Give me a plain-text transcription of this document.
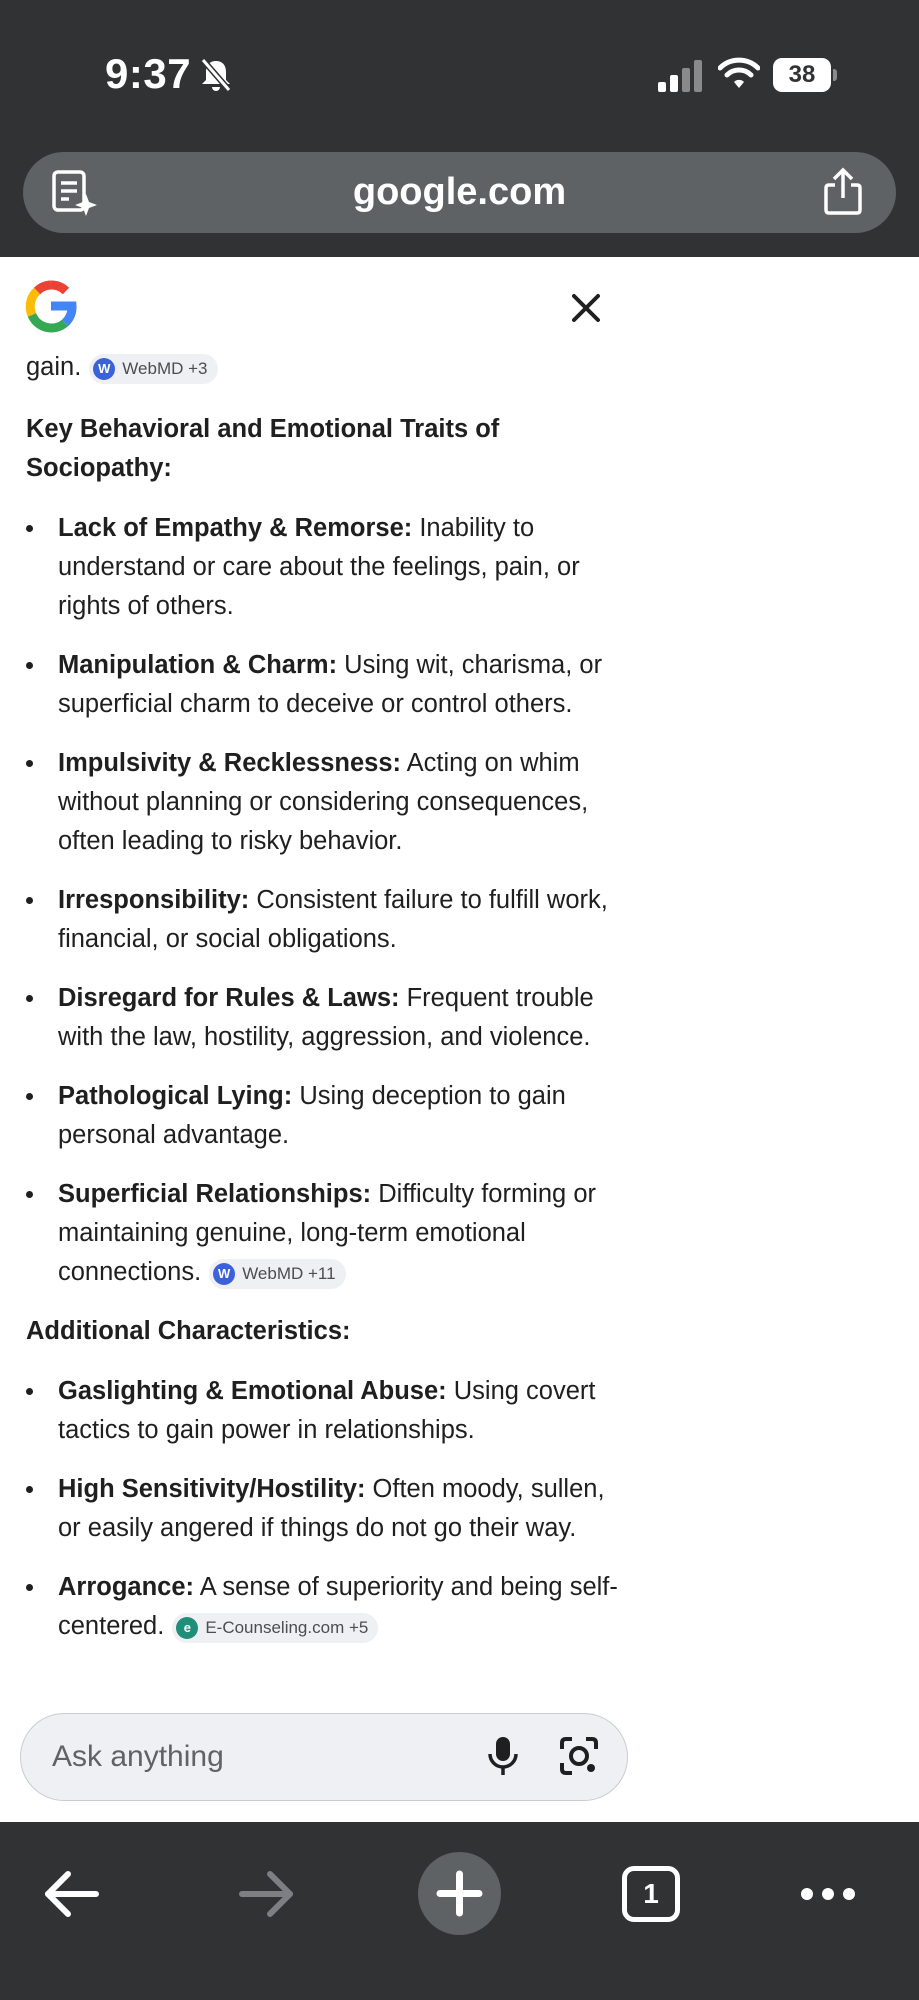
9:37	38
google.com
gain.	W WebMD +3
Key Behavioral and Emotional Traits of Sociopathy:
Lack of Empathy & Remorse: Inability to understand or care about the feelings, pain, or rights of others.
Manipulation & Charm: Using wit, charisma, or superficial charm to deceive or control others.
Impulsivity & Recklessness: Acting on whim without planning or considering consequences, often leading to risky behavior.
Irresponsibility: Consistent failure to fulfill work, financial, or social obligations.
Disregard for Rules & Laws: Frequent trouble with the law, hostility, aggression, and violence.
Pathological Lying: Using deception to gain personal advantage.
Superficial Relationships: Difficulty forming or maintaining genuine, long-term emotional connections.	W WebMD +11
Additional Characteristics:
Gaslighting & Emotional Abuse: Using covert tactics to gain power in relationships.
High Sensitivity/Hostility: Often moody, sullen, or easily angered if things do not go their way.
Arrogance: A sense of superiority and being self-centered.	e E-Counseling.com +5
Ask anything
1
